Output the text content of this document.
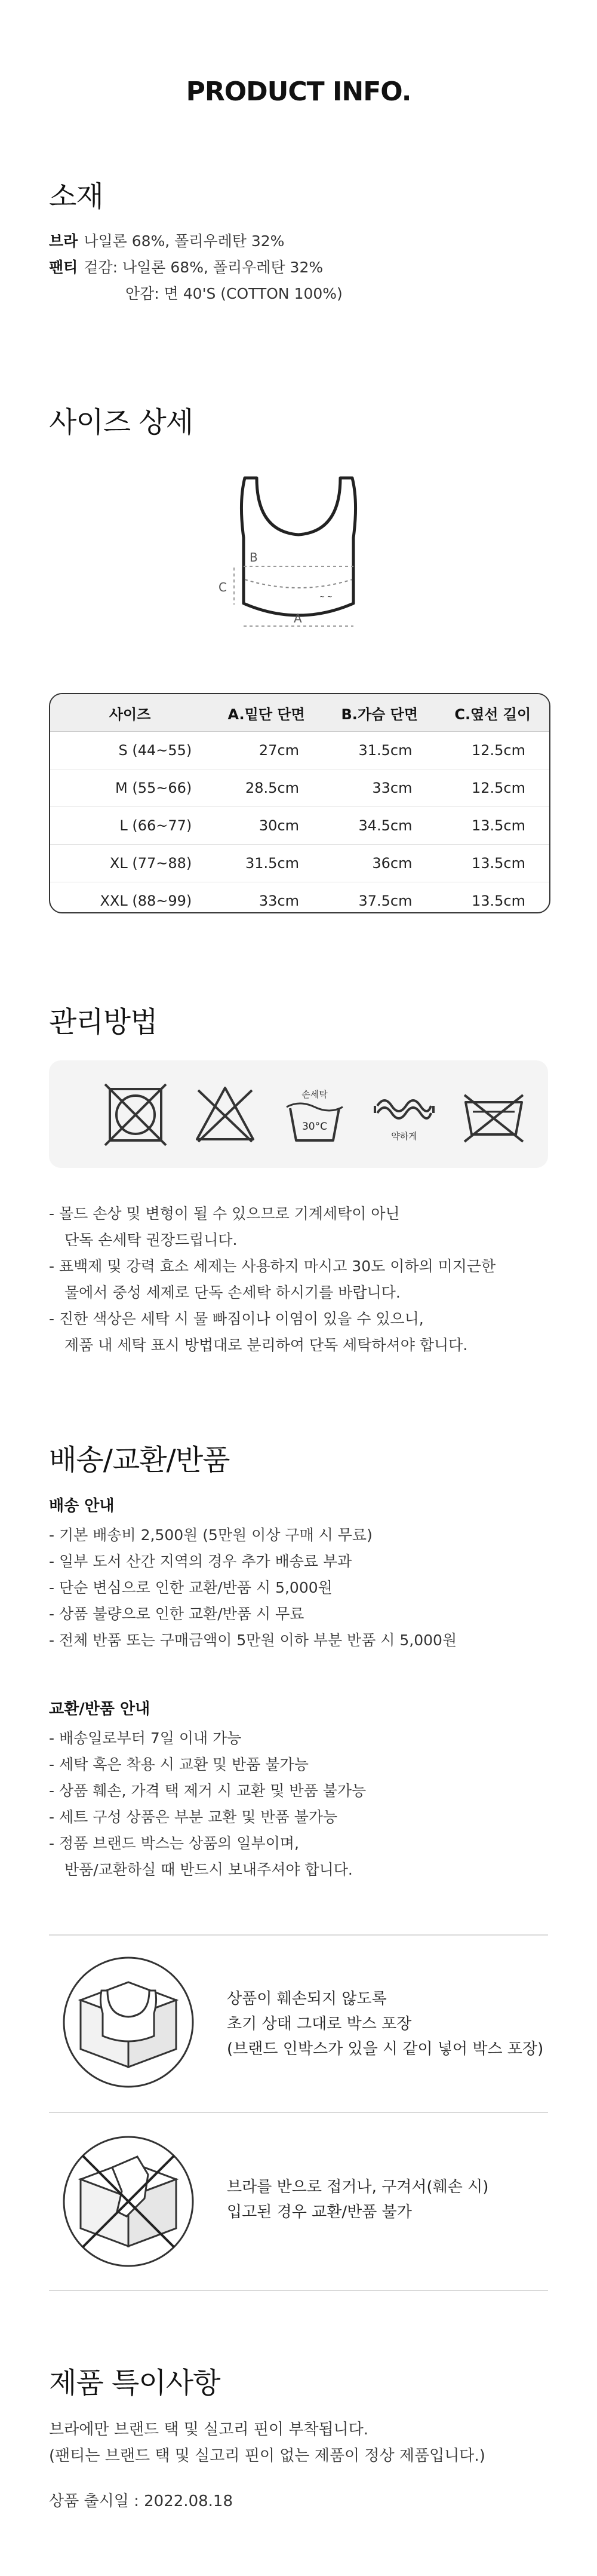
PRODUCT INFO.
소재
브라 나일론 68%, 폴리우레탄 32%
팬티 겉감: 나일론 68%, 폴리우레탄 32%
안감: 면 40'S (COTTON 100%)
사이즈 상세
~ ~
B
C
A
사이즈	A.밑단 단면	B.가슴 단면	C.옆선 길이
S (44~55)	27cm	31.5cm	12.5cm
M (55~66)	28.5cm	33cm	12.5cm
L (66~77)	30cm	34.5cm	13.5cm
XL (77~88)	31.5cm	36cm	13.5cm
XXL (88~99)	33cm	37.5cm	13.5cm
관리방법
손세탁
30°C
약하게
- 몰드 손상 및 변형이 될 수 있으므로 기계세탁이 아닌
단독 손세탁 권장드립니다.
- 표백제 및 강력 효소 세제는 사용하지 마시고 30도 이하의 미지근한
물에서 중성 세제로 단독 손세탁 하시기를 바랍니다.
- 진한 색상은 세탁 시 물 빠짐이나 이염이 있을 수 있으니,
제품 내 세탁 표시 방법대로 분리하여 단독 세탁하셔야 합니다.
배송/교환/반품
배송 안내
- 기본 배송비 2,500원 (5만원 이상 구매 시 무료)
- 일부 도서 산간 지역의 경우 추가 배송료 부과
- 단순 변심으로 인한 교환/반품 시 5,000원
- 상품 불량으로 인한 교환/반품 시 무료
- 전체 반품 또는 구매금액이 5만원 이하 부분 반품 시 5,000원
교환/반품 안내
- 배송일로부터 7일 이내 가능
- 세탁 혹은 착용 시 교환 및 반품 불가능
- 상품 훼손, 가격 택 제거 시 교환 및 반품 불가능
- 세트 구성 상품은 부분 교환 및 반품 불가능
- 정품 브랜드 박스는 상품의 일부이며,
반품/교환하실 때 반드시 보내주셔야 합니다.
상품이 훼손되지 않도록
초기 상태 그대로 박스 포장
(브랜드 인박스가 있을 시 같이 넣어 박스 포장)
브라를 반으로 접거나, 구겨서(훼손 시)
입고된 경우 교환/반품 불가
제품 특이사항
브라에만 브랜드 택 및 실고리 핀이 부착됩니다.
(팬티는 브랜드 택 및 실고리 핀이 없는 제품이 정상 제품입니다.)
상품 출시일 : 2022.08.18
